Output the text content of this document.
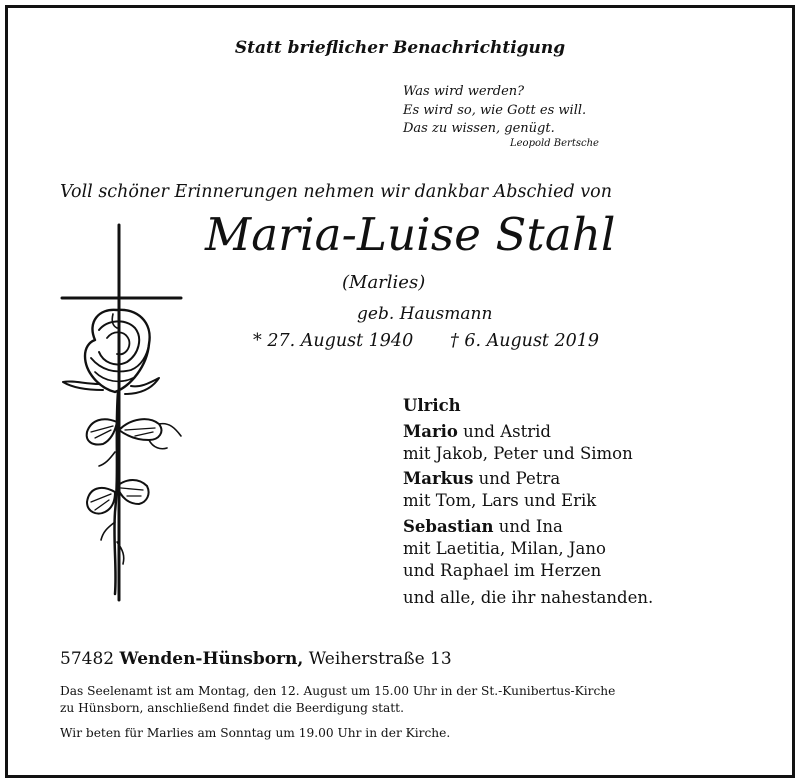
Statt brieflicher Benachrichtigung
Was wird werden?
Es wird so, wie Gott es will.
Das zu wissen, genügt.
Leopold Bertsche
Voll schöner Erinnerungen nehmen wir dankbar Abschied von
Maria-Luise Stahl
(Marlies)
geb. Hausmann
* 27. August 1940 † 6. August 2019
Ulrich
Mario und Astrid
mit Jakob, Peter und Simon
Markus und Petra
mit Tom, Lars und Erik
Sebastian und Ina
mit Laetitia, Milan, Jano
und Raphael im Herzen
und alle, die ihr nahestanden.
57482 Wenden-Hünsborn, Weiherstraße 13
Das Seelenamt ist am Montag, den 12. August um 15.00 Uhr in der St.-Kunibertus-Kirche
zu Hünsborn, anschließend findet die Beerdigung statt.
Wir beten für Marlies am Sonntag um 19.00 Uhr in der Kirche.
